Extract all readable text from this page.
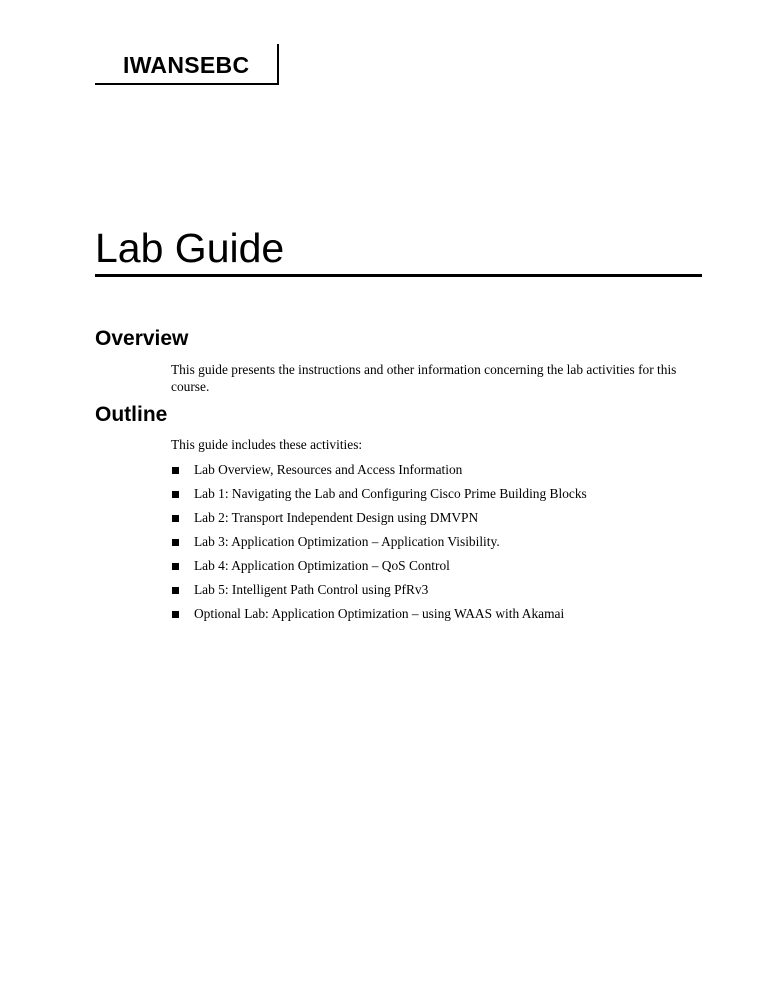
IWANSEBC
Lab Guide
Overview

This guide presents the instructions and other information concerning the lab activities for this course.

Outline

This guide includes these activities:

Lab Overview, Resources and Access Information
Lab 1: Navigating the Lab and Configuring Cisco Prime Building Blocks
Lab 2: Transport Independent Design using DMVPN
Lab 3: Application Optimization – Application Visibility.
Lab 4: Application Optimization – QoS Control
Lab 5: Intelligent Path Control using PfRv3
Optional Lab: Application Optimization – using WAAS with Akamai
